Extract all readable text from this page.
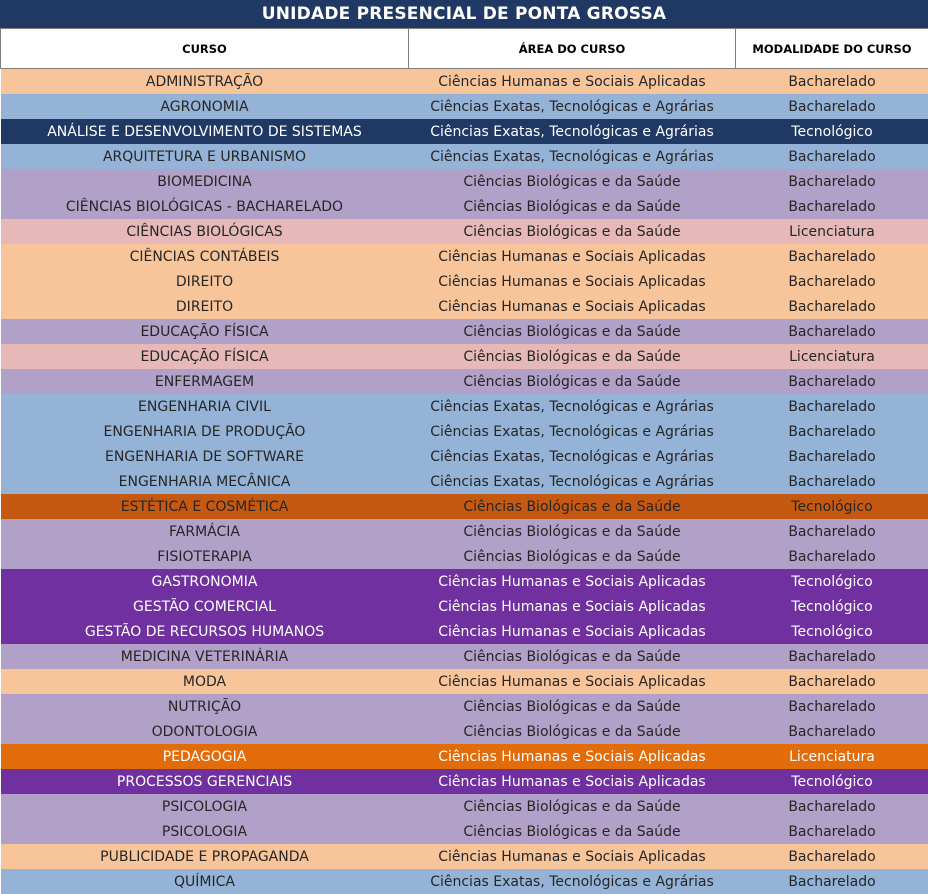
UNIDADE PRESENCIAL DE PONTA GROSSA
CURSO	ÁREA DO CURSO	MODALIDADE DO CURSO
ADMINISTRAÇÃO	Ciências Humanas e Sociais Aplicadas	Bacharelado
AGRONOMIA	Ciências Exatas, Tecnológicas e Agrárias	Bacharelado
ANÁLISE E DESENVOLVIMENTO DE SISTEMAS	Ciências Exatas, Tecnológicas e Agrárias	Tecnológico
ARQUITETURA E URBANISMO	Ciências Exatas, Tecnológicas e Agrárias	Bacharelado
BIOMEDICINA	Ciências Biológicas e da Saúde	Bacharelado
CIÊNCIAS BIOLÓGICAS - BACHARELADO	Ciências Biológicas e da Saúde	Bacharelado
CIÊNCIAS BIOLÓGICAS	Ciências Biológicas e da Saúde	Licenciatura
CIÊNCIAS CONTÁBEIS	Ciências Humanas e Sociais Aplicadas	Bacharelado
DIREITO	Ciências Humanas e Sociais Aplicadas	Bacharelado
DIREITO	Ciências Humanas e Sociais Aplicadas	Bacharelado
EDUCAÇÃO FÍSICA	Ciências Biológicas e da Saúde	Bacharelado
EDUCAÇÃO FÍSICA	Ciências Biológicas e da Saúde	Licenciatura
ENFERMAGEM	Ciências Biológicas e da Saúde	Bacharelado
ENGENHARIA CIVIL	Ciências Exatas, Tecnológicas e Agrárias	Bacharelado
ENGENHARIA DE PRODUÇÃO	Ciências Exatas, Tecnológicas e Agrárias	Bacharelado
ENGENHARIA DE SOFTWARE	Ciências Exatas, Tecnológicas e Agrárias	Bacharelado
ENGENHARIA MECÂNICA	Ciências Exatas, Tecnológicas e Agrárias	Bacharelado
ESTÉTICA E COSMÉTICA	Ciências Biológicas e da Saúde	Tecnológico
FARMÁCIA	Ciências Biológicas e da Saúde	Bacharelado
FISIOTERAPIA	Ciências Biológicas e da Saúde	Bacharelado
GASTRONOMIA	Ciências Humanas e Sociais Aplicadas	Tecnológico
GESTÃO COMERCIAL	Ciências Humanas e Sociais Aplicadas	Tecnológico
GESTÃO DE RECURSOS HUMANOS	Ciências Humanas e Sociais Aplicadas	Tecnológico
MEDICINA VETERINÁRIA	Ciências Biológicas e da Saúde	Bacharelado
MODA	Ciências Humanas e Sociais Aplicadas	Bacharelado
NUTRIÇÃO	Ciências Biológicas e da Saúde	Bacharelado
ODONTOLOGIA	Ciências Biológicas e da Saúde	Bacharelado
PEDAGOGIA	Ciências Humanas e Sociais Aplicadas	Licenciatura
PROCESSOS GERENCIAIS	Ciências Humanas e Sociais Aplicadas	Tecnológico
PSICOLOGIA	Ciências Biológicas e da Saúde	Bacharelado
PSICOLOGIA	Ciências Biológicas e da Saúde	Bacharelado
PUBLICIDADE E PROPAGANDA	Ciências Humanas e Sociais Aplicadas	Bacharelado
QUÍMICA	Ciências Exatas, Tecnológicas e Agrárias	Bacharelado
